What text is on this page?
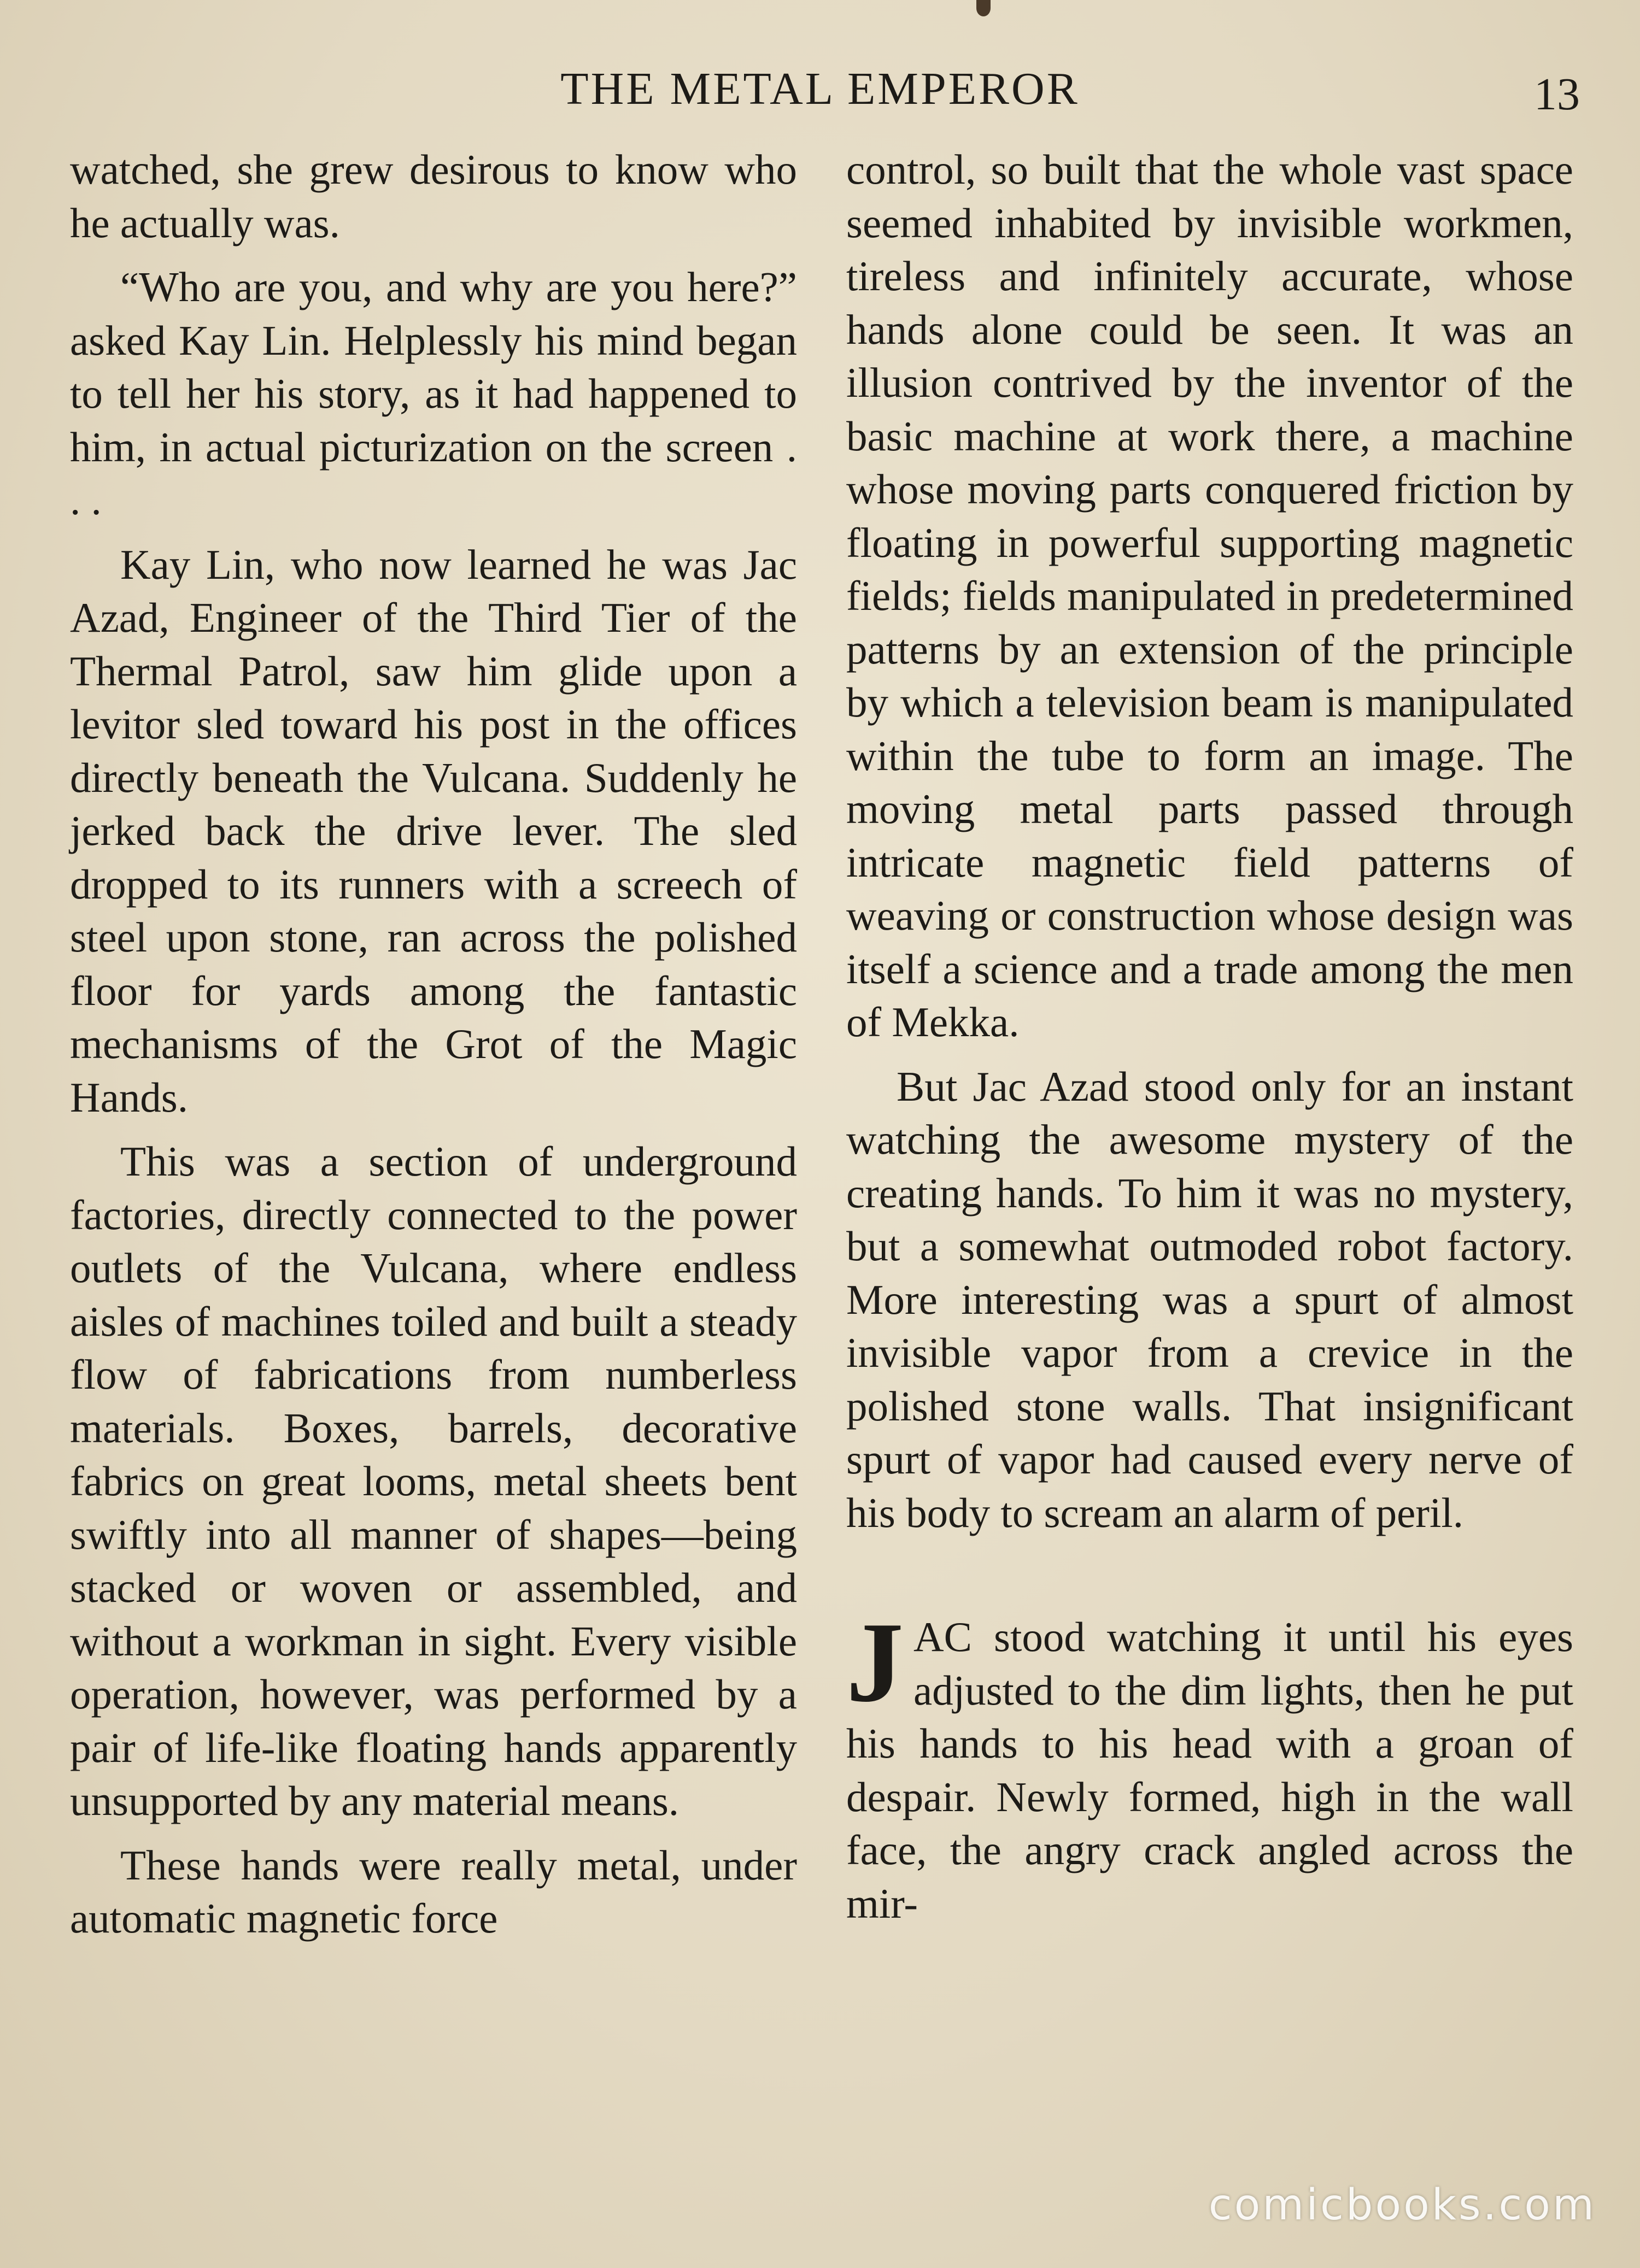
THE METAL EMPEROR	13

watched, she grew desirous to know who he actually was.

“Who are you, and why are you here?” asked Kay Lin. Helplessly his mind began to tell her his story, as it had happened to him, in actual picturization on the screen . . .

Kay Lin, who now learned he was Jac Azad, Engineer of the Third Tier of the Thermal Patrol, saw him glide upon a levitor sled toward his post in the offices directly beneath the Vulcana. Suddenly he jerked back the drive lever. The sled dropped to its runners with a screech of steel upon stone, ran across the polished floor for yards among the fantastic mechanisms of the Grot of the Magic Hands.

This was a section of underground factories, directly connected to the power outlets of the Vulcana, where endless aisles of machines toiled and built a steady flow of fabrications from numberless materials. Boxes, barrels, decorative fabrics on great looms, metal sheets bent swiftly into all manner of shapes—being stacked or woven or assembled, and without a workman in sight. Every visible operation, however, was performed by a pair of life-like floating hands apparently unsupported by any material means.

These hands were really metal, under automatic magnetic force

control, so built that the whole vast space seemed inhabited by invisible workmen, tireless and infinitely accurate, whose hands alone could be seen. It was an illusion contrived by the inventor of the basic machine at work there, a machine whose moving parts conquered friction by floating in powerful supporting magnetic fields; fields manipulated in predetermined patterns by an extension of the principle by which a television beam is manipulated within the tube to form an image. The moving metal parts passed through intricate magnetic field patterns of weaving or construction whose design was itself a science and a trade among the men of Mekka.

But Jac Azad stood only for an instant watching the awesome mystery of the creating hands. To him it was no mystery, but a somewhat outmoded robot factory. More interesting was a spurt of almost invisible vapor from a crevice in the polished stone walls. That insignificant spurt of vapor had caused every nerve of his body to scream an alarm of peril.

JAC stood watching it until his eyes adjusted to the dim lights, then he put his hands to his head with a groan of despair. Newly formed, high in the wall face, the angry crack angled across the mir-

comicbooks.com
